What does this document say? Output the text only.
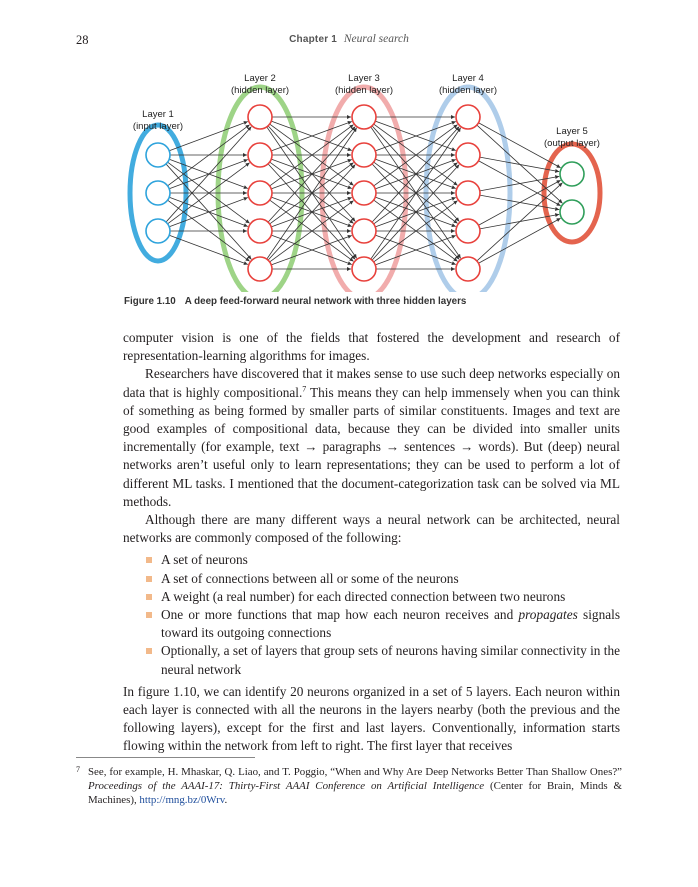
28	Chapter 1 Neural search
Layer 1
(input layer)
Layer 2
(hidden layer)
Layer 3
(hidden layer)
Layer 4
(hidden layer)
Layer 5
(output layer)
Figure 1.10 A deep feed-forward neural network with three hidden layers

computer vision is one of the fields that fostered the development and research of representation-learning algorithms for images.

Researchers have discovered that it makes sense to use such deep networks especially on data that is highly compositional.$^7$ This means they can help immensely when you can think of something as being formed by smaller parts of similar constituents. Images and text are good examples of compositional data, because they can be divided into smaller units incrementally (for example, text → paragraphs → sentences → words). But (deep) neural networks aren’t useful only to learn representations; they can be used to perform a lot of different ML tasks. I mentioned that the document-categorization task can be solved via ML methods.

Although there are many different ways a neural network can be architected, neural networks are commonly composed of the following:

A set of neurons
A set of connections between all or some of the neurons
A weight (a real number) for each directed connection between two neurons
One or more functions that map how each neuron receives and propagates signals toward its outgoing connections
Optionally, a set of layers that group sets of neurons having similar connectivity in the neural network

In figure 1.10, we can identify 20 neurons organized in a set of 5 layers. Each neuron within each layer is connected with all the neurons in the layers nearby (both the previous and the following layers), except for the first and last layers. Conventionally, information starts flowing within the network from left to right. The first layer that receives

7 See, for example, H. Mhaskar, Q. Liao, and T. Poggio, “When and Why Are Deep Networks Better Than Shallow Ones?” Proceedings of the AAAI-17: Thirty-First AAAI Conference on Artificial Intelligence (Center for Brain, Minds & Machines), http://mng.bz/0Wrv.
